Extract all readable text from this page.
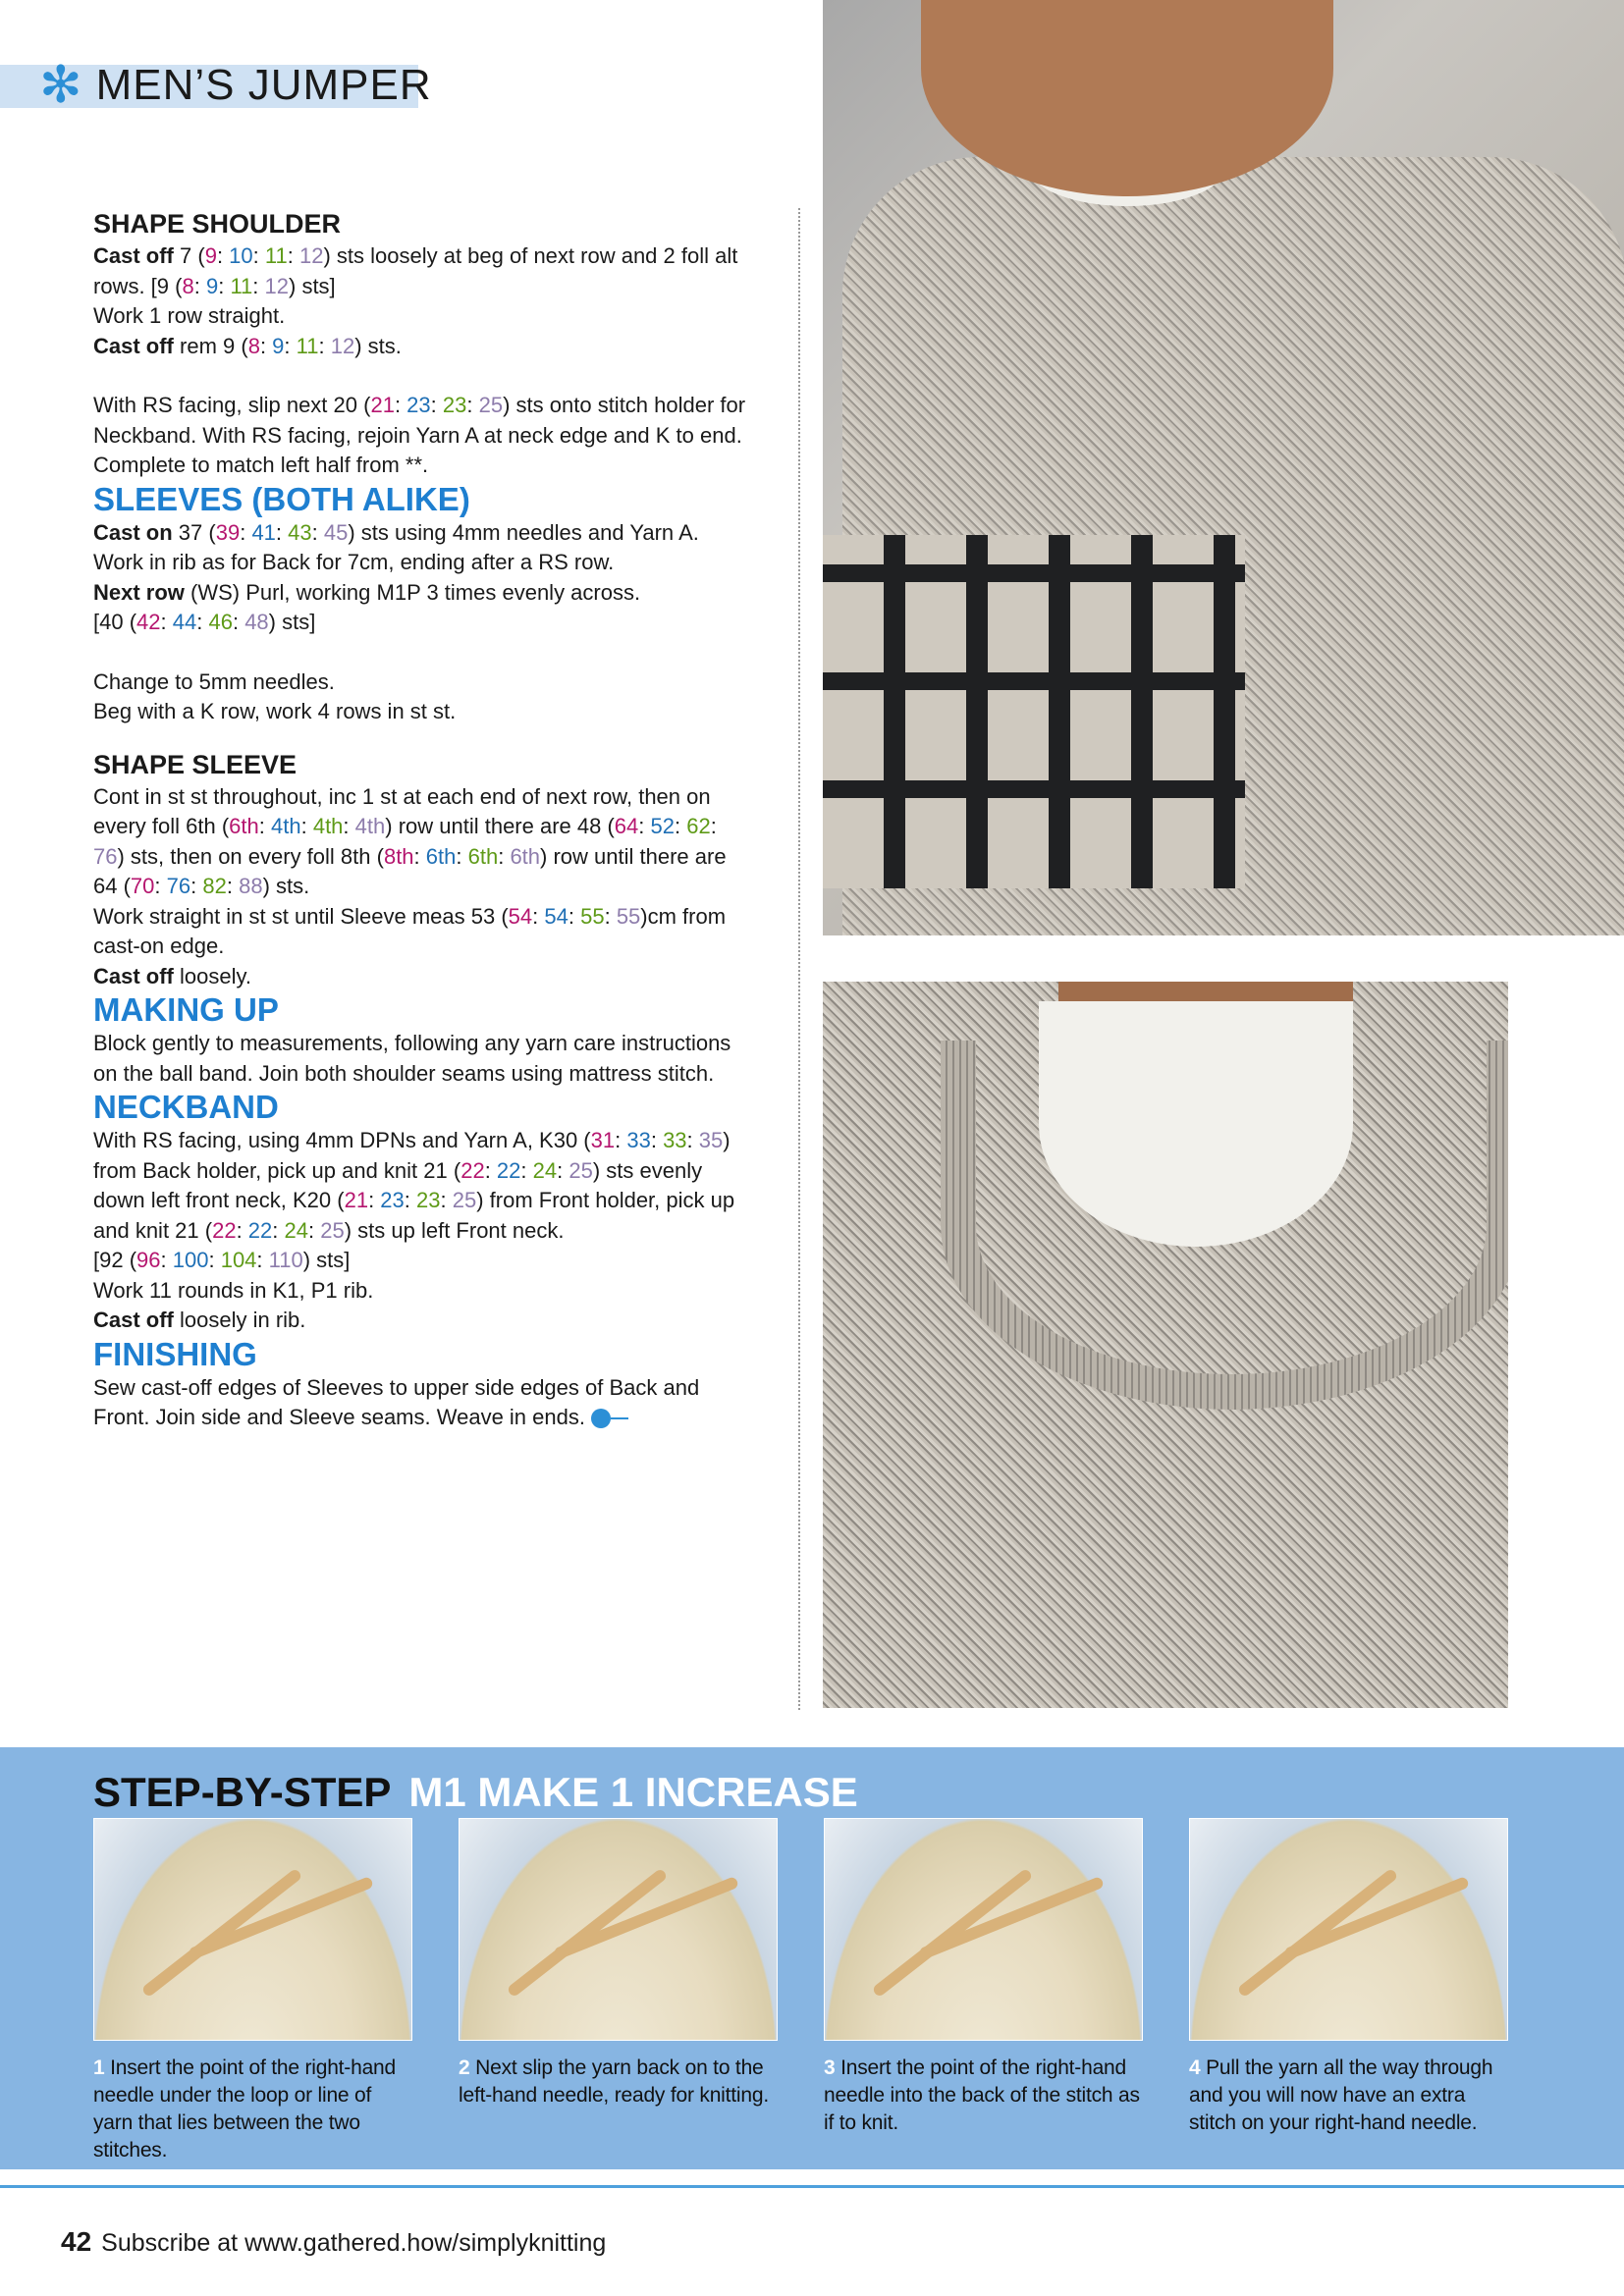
✻ MEN’S JUMPER

SHAPE SHOULDER

Cast off 7 (9: 10: 11: 12) sts loosely at beg of next row and 2 foll alt

rows. [9 (8: 9: 11: 12) sts]

Work 1 row straight.

Cast off rem 9 (8: 9: 11: 12) sts.

With RS facing, slip next 20 (21: 23: 23: 25) sts onto stitch holder for

Neckband. With RS facing, rejoin Yarn A at neck edge and K to end.

Complete to match left half from **.

SLEEVES (BOTH ALIKE)

Cast on 37 (39: 41: 43: 45) sts using 4mm needles and Yarn A.

Work in rib as for Back for 7cm, ending after a RS row.

Next row (WS) Purl, working M1P 3 times evenly across.

[40 (42: 44: 46: 48) sts]

Change to 5mm needles.

Beg with a K row, work 4 rows in st st.

SHAPE SLEEVE

Cont in st st throughout, inc 1 st at each end of next row, then on

every foll 6th (6th: 4th: 4th: 4th) row until there are 48 (64: 52: 62:

76) sts, then on every foll 8th (8th: 6th: 6th: 6th) row until there are

64 (70: 76: 82: 88) sts.

Work straight in st st until Sleeve meas 53 (54: 54: 55: 55)cm from

cast-on edge.

Cast off loosely.

MAKING UP

Block gently to measurements, following any yarn care instructions

on the ball band. Join both shoulder seams using mattress stitch.

NECKBAND

With RS facing, using 4mm DPNs and Yarn A, K30 (31: 33: 33: 35)

from Back holder, pick up and knit 21 (22: 22: 24: 25) sts evenly

down left front neck, K20 (21: 23: 23: 25) from Front holder, pick up

and knit 21 (22: 22: 24: 25) sts up left Front neck.

[92 (96: 100: 104: 110) sts]

Work 11 rounds in K1, P1 rib.

Cast off loosely in rib.

FINISHING

Sew cast-off edges of Sleeves to upper side edges of Back and

Front. Join side and Sleeve seams. Weave in ends.

STEP-BY-STEP M1 MAKE 1 INCREASE
1 Insert the point of the right-hand needle under the loop or line of yarn that lies between the two stitches.
2 Next slip the yarn back on to the left-hand needle, ready for knitting.
3 Insert the point of the right-hand needle into the back of the stitch as if to knit.
4 Pull the yarn all the way through and you will now have an extra stitch on your right-hand needle.
42 Subscribe at www.gathered.how/simplyknitting
